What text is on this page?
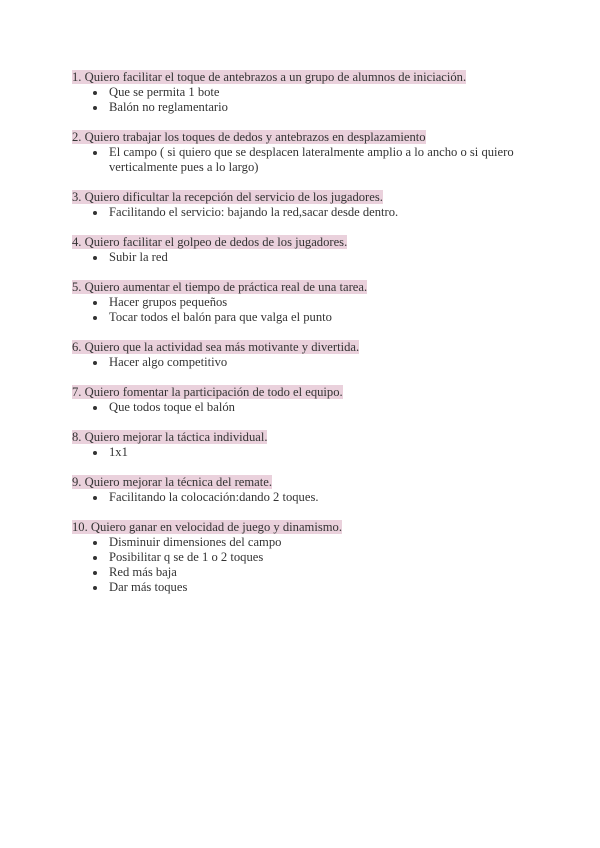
1. Quiero facilitar el toque de antebrazos a un grupo de alumnos de iniciación.
Que se permita 1 bote
Balón no reglamentario
2. Quiero trabajar los toques de dedos y antebrazos en desplazamiento
El campo ( si quiero que se desplacen lateralmente amplio a lo ancho o si quiero verticalmente pues a lo largo)
3. Quiero dificultar la recepción del servicio de los jugadores.
Facilitando el servicio: bajando la red,sacar desde dentro.
4. Quiero facilitar el golpeo de dedos de los jugadores.
Subir la red
5. Quiero aumentar el tiempo de práctica real de una tarea.
Hacer grupos pequeños
Tocar todos el balón para que valga el punto
6. Quiero que la actividad sea más motivante y divertida.
Hacer algo competitivo
7. Quiero fomentar la participación de todo el equipo.
Que todos toque el balón
8. Quiero mejorar la táctica individual.
1x1
9. Quiero mejorar la técnica del remate.
Facilitando la colocación:dando 2 toques.
10. Quiero ganar en velocidad de juego y dinamismo.
Disminuir dimensiones del campo
Posibilitar q se de 1 o 2 toques
Red más baja
Dar más toques
